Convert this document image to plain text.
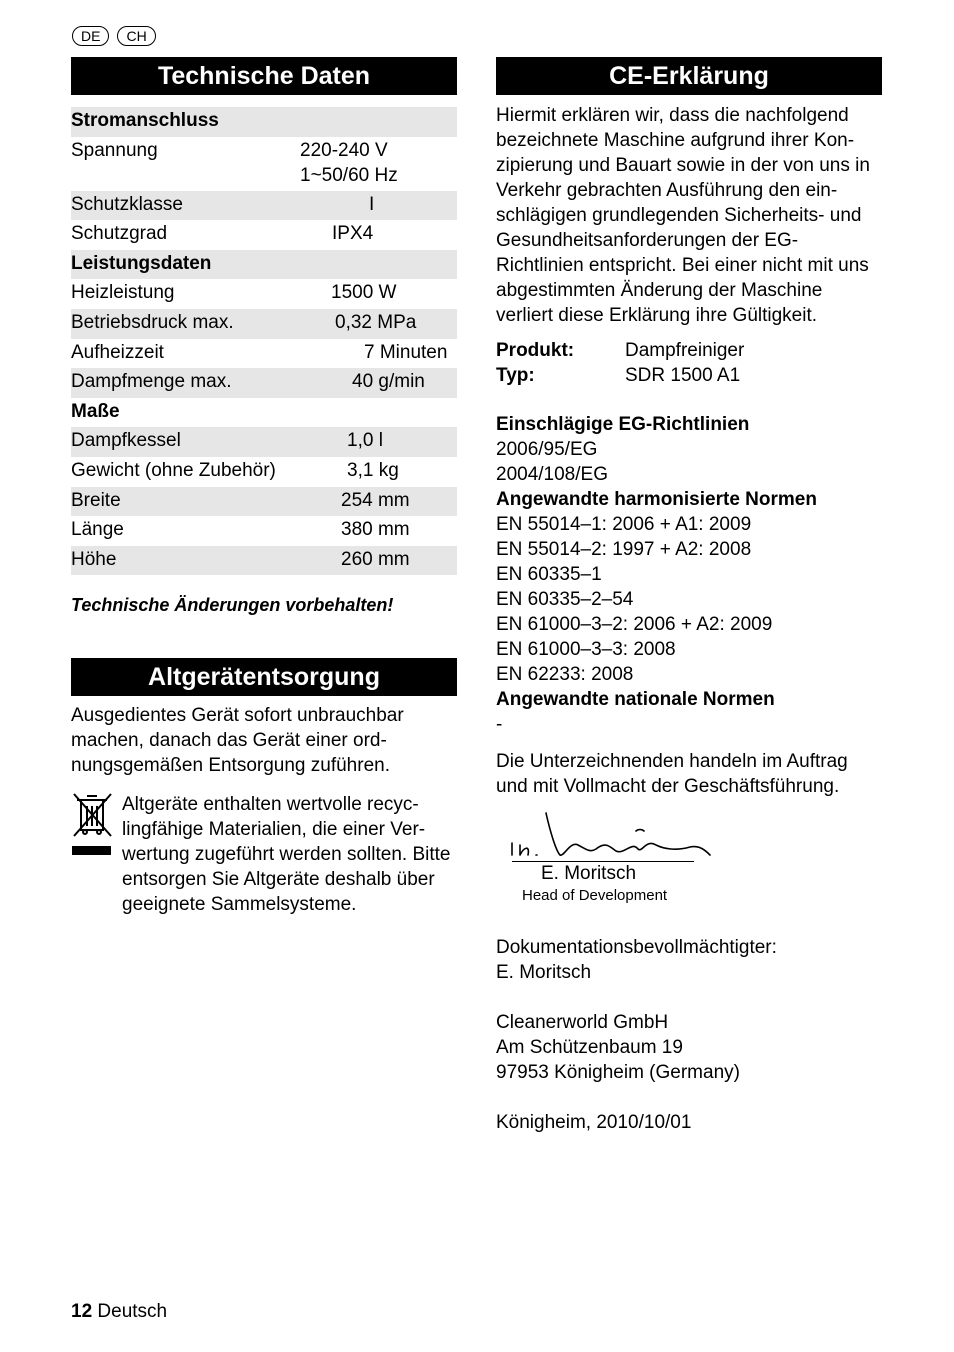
DE	CH
Technische Daten
Stromanschluss
Spannung	220-240 V
1~50/60 Hz
Schutzklasse	I
Schutzgrad	IPX4
Leistungsdaten
Heizleistung	1500 W
Betriebsdruck max.	0,32 MPa
Aufheizzeit	7 Minuten
Dampfmenge max.	40 g/min
Maße
Dampfkessel	1,0 l
Gewicht (ohne Zubehör)	3,1 kg
Breite	254 mm
Länge	380 mm
Höhe	260 mm
Technische Änderungen vorbehalten!
Altgerätentsorgung
Ausgedientes Gerät sofort unbrauchbar machen, danach das Gerät einer ord-nungsgemäßen Entsorgung zuführen.
Altgeräte enthalten wertvolle recyc-lingfähige Materialien, die einer Ver-wertung zugeführt werden sollten. Bitte entsorgen Sie Altgeräte deshalb über geeignete Sammelsysteme.
CE-Erklärung
Hiermit erklären wir, dass die nachfolgend bezeichnete Maschine aufgrund ihrer Kon-zipierung und Bauart sowie in der von uns in Verkehr gebrachten Ausführung den ein-schlägigen grundlegenden Sicherheits- und Gesundheitsanforderungen der EG-Richtlinien entspricht. Bei einer nicht mit uns abgestimmten Änderung der Maschine verliert diese Erklärung ihre Gültigkeit.
Produkt:	Dampfreiniger
Typ:	SDR 1500 A1
Einschlägige EG-Richtlinien
2006/95/EG
2004/108/EG
Angewandte harmonisierte Normen
EN 55014–1: 2006 + A1: 2009
EN 55014–2: 1997 + A2: 2008
EN 60335–1
EN 60335–2–54
EN 61000–3–2: 2006 + A2: 2009
EN 61000–3–3: 2008
EN 62233: 2008
Angewandte nationale Normen
-
Die Unterzeichnenden handeln im Auftrag und mit Vollmacht der Geschäftsführung.
E. Moritsch
Head of Development
Dokumentationsbevollmächtigter:
E. Moritsch
Cleanerworld GmbH
Am Schützenbaum 19
97953 Königheim (Germany)
Königheim, 2010/10/01
12 Deutsch
